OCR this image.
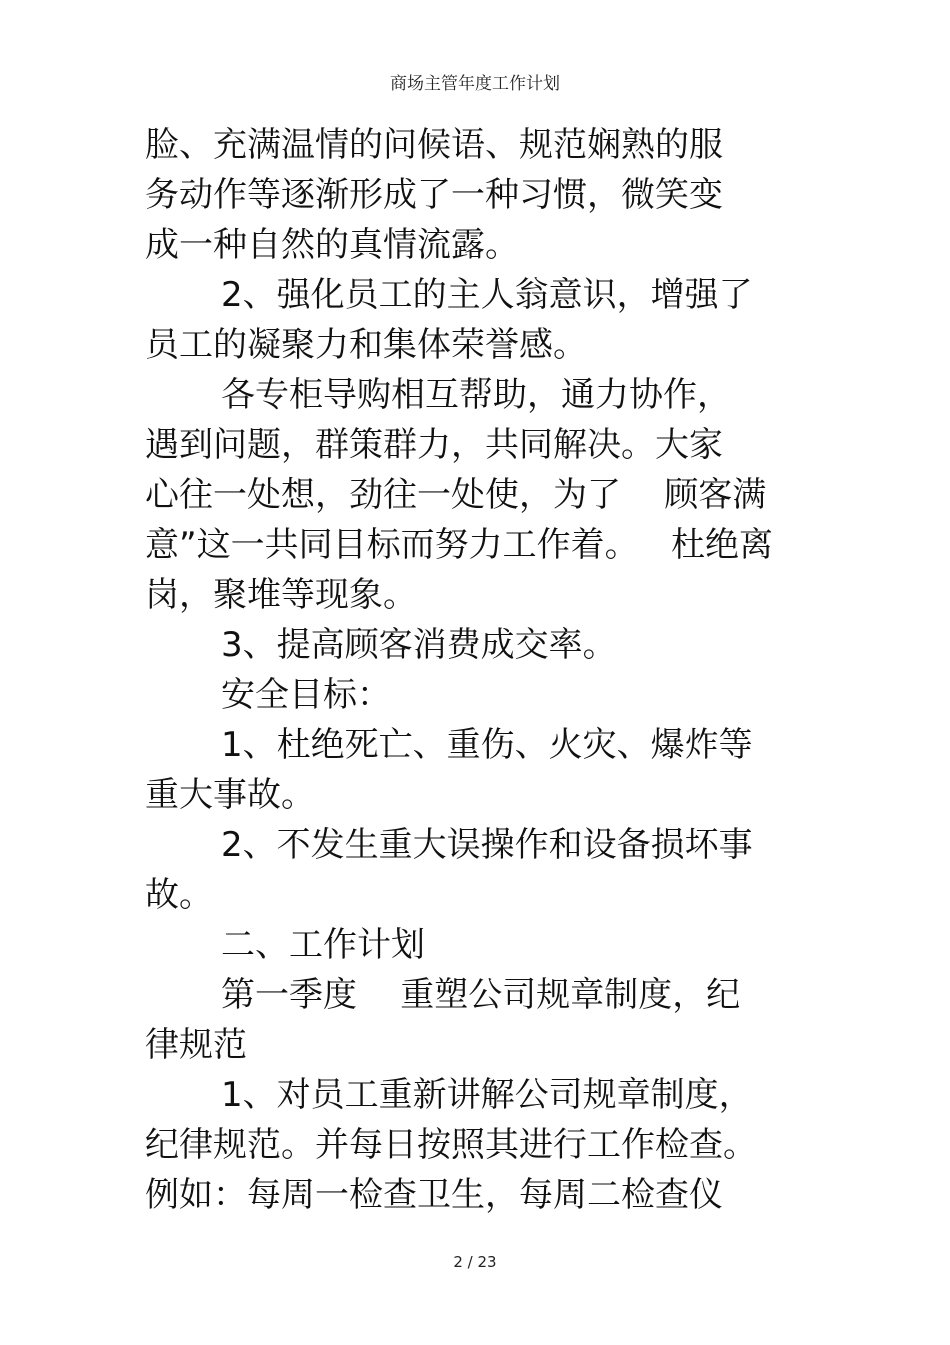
商场主管年度工作计划
脸、充满温情的问候语、规范娴熟的服
务动作等逐渐形成了一种习惯，微笑变
成一种自然的真情流露。
2、强化员工的主人翁意识，增强了
员工的凝聚力和集体荣誉感。
各专柜导购相互帮助，通力协作，
遇到问题，群策群力，共同解决。大家
心往一处想，劲往一处使，为了    顾客满
意”这一共同目标而努力工作着。   杜绝离
岗，聚堆等现象。
3、提高顾客消费成交率。
安全目标：
1、杜绝死亡、重伤、火灾、爆炸等
重大事故。
2、不发生重大误操作和设备损坏事
故。
二、工作计划
第一季度    重塑公司规章制度，纪
律规范
1、对员工重新讲解公司规章制度，
纪律规范。并每日按照其进行工作检查。
例如：每周一检查卫生，每周二检查仪
2 / 23
